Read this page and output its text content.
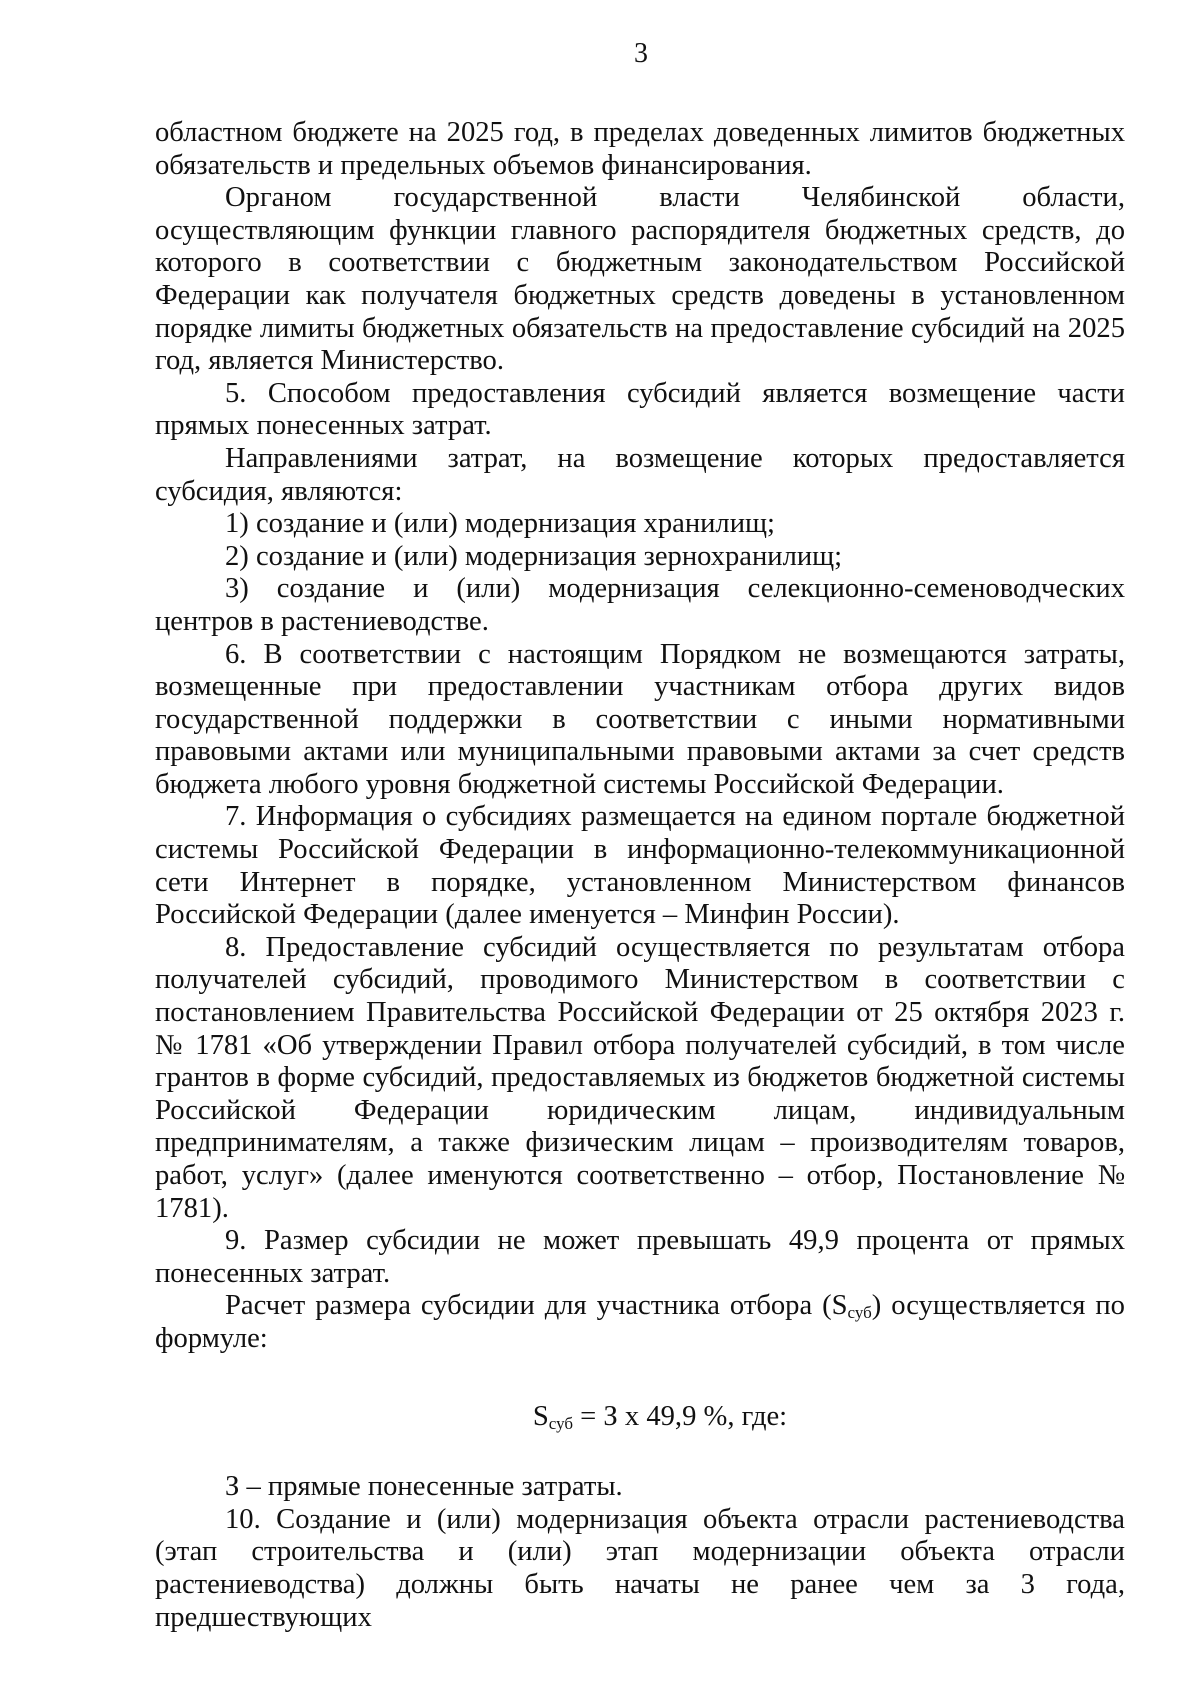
3

областном бюджете на 2025 год, в пределах доведенных лимитов бюджетных обязательств и предельных объемов финансирования.

Органом государственной власти Челябинской области, осуществляющим функции главного распорядителя бюджетных средств, до которого в соответствии с бюджетным законодательством Российской Федерации как получателя бюджетных средств доведены в установленном порядке лимиты бюджетных обязательств на предоставление субсидий на 2025 год, является Министерство.

5. Способом предоставления субсидий является возмещение части прямых понесенных затрат.

Направлениями затрат, на возмещение которых предоставляется субсидия, являются:

1) создание и (или) модернизация хранилищ;

2) создание и (или) модернизация зернохранилищ;

3) создание и (или) модернизация селекционно-семеноводческих центров в растениеводстве.

6. В соответствии с настоящим Порядком не возмещаются затраты, возмещенные при предоставлении участникам отбора других видов государственной поддержки в соответствии с иными нормативными правовыми актами или муниципальными правовыми актами за счет средств бюджета любого уровня бюджетной системы Российской Федерации.

7. Информация о субсидиях размещается на едином портале бюджетной системы Российской Федерации в информационно-телекоммуникационной сети Интернет в порядке, установленном Министерством финансов Российской Федерации (далее именуется – Минфин России).

8. Предоставление субсидий осуществляется по результатам отбора получателей субсидий, проводимого Министерством в соответствии с постановлением Правительства Российской Федерации от 25 октября 2023 г. № 1781 «Об утверждении Правил отбора получателей субсидий, в том числе грантов в форме субсидий, предоставляемых из бюджетов бюджетной системы Российской Федерации юридическим лицам, индивидуальным предпринимателям, а также физическим лицам – производителям товаров, работ, услуг» (далее именуются соответственно – отбор, Постановление № 1781).

9. Размер субсидии не может превышать 49,9 процента от прямых понесенных затрат.

Расчет размера субсидии для участника отбора $(S_{суб})$ осуществляется по формуле:

$S_{суб} = З$ х 49,9 %, где:

З – прямые понесенные затраты.

10. Создание и (или) модернизация объекта отрасли растениеводства (этап строительства и (или) этап модернизации объекта отрасли растениеводства) должны быть начаты не ранее чем за 3 года, предшествующих
